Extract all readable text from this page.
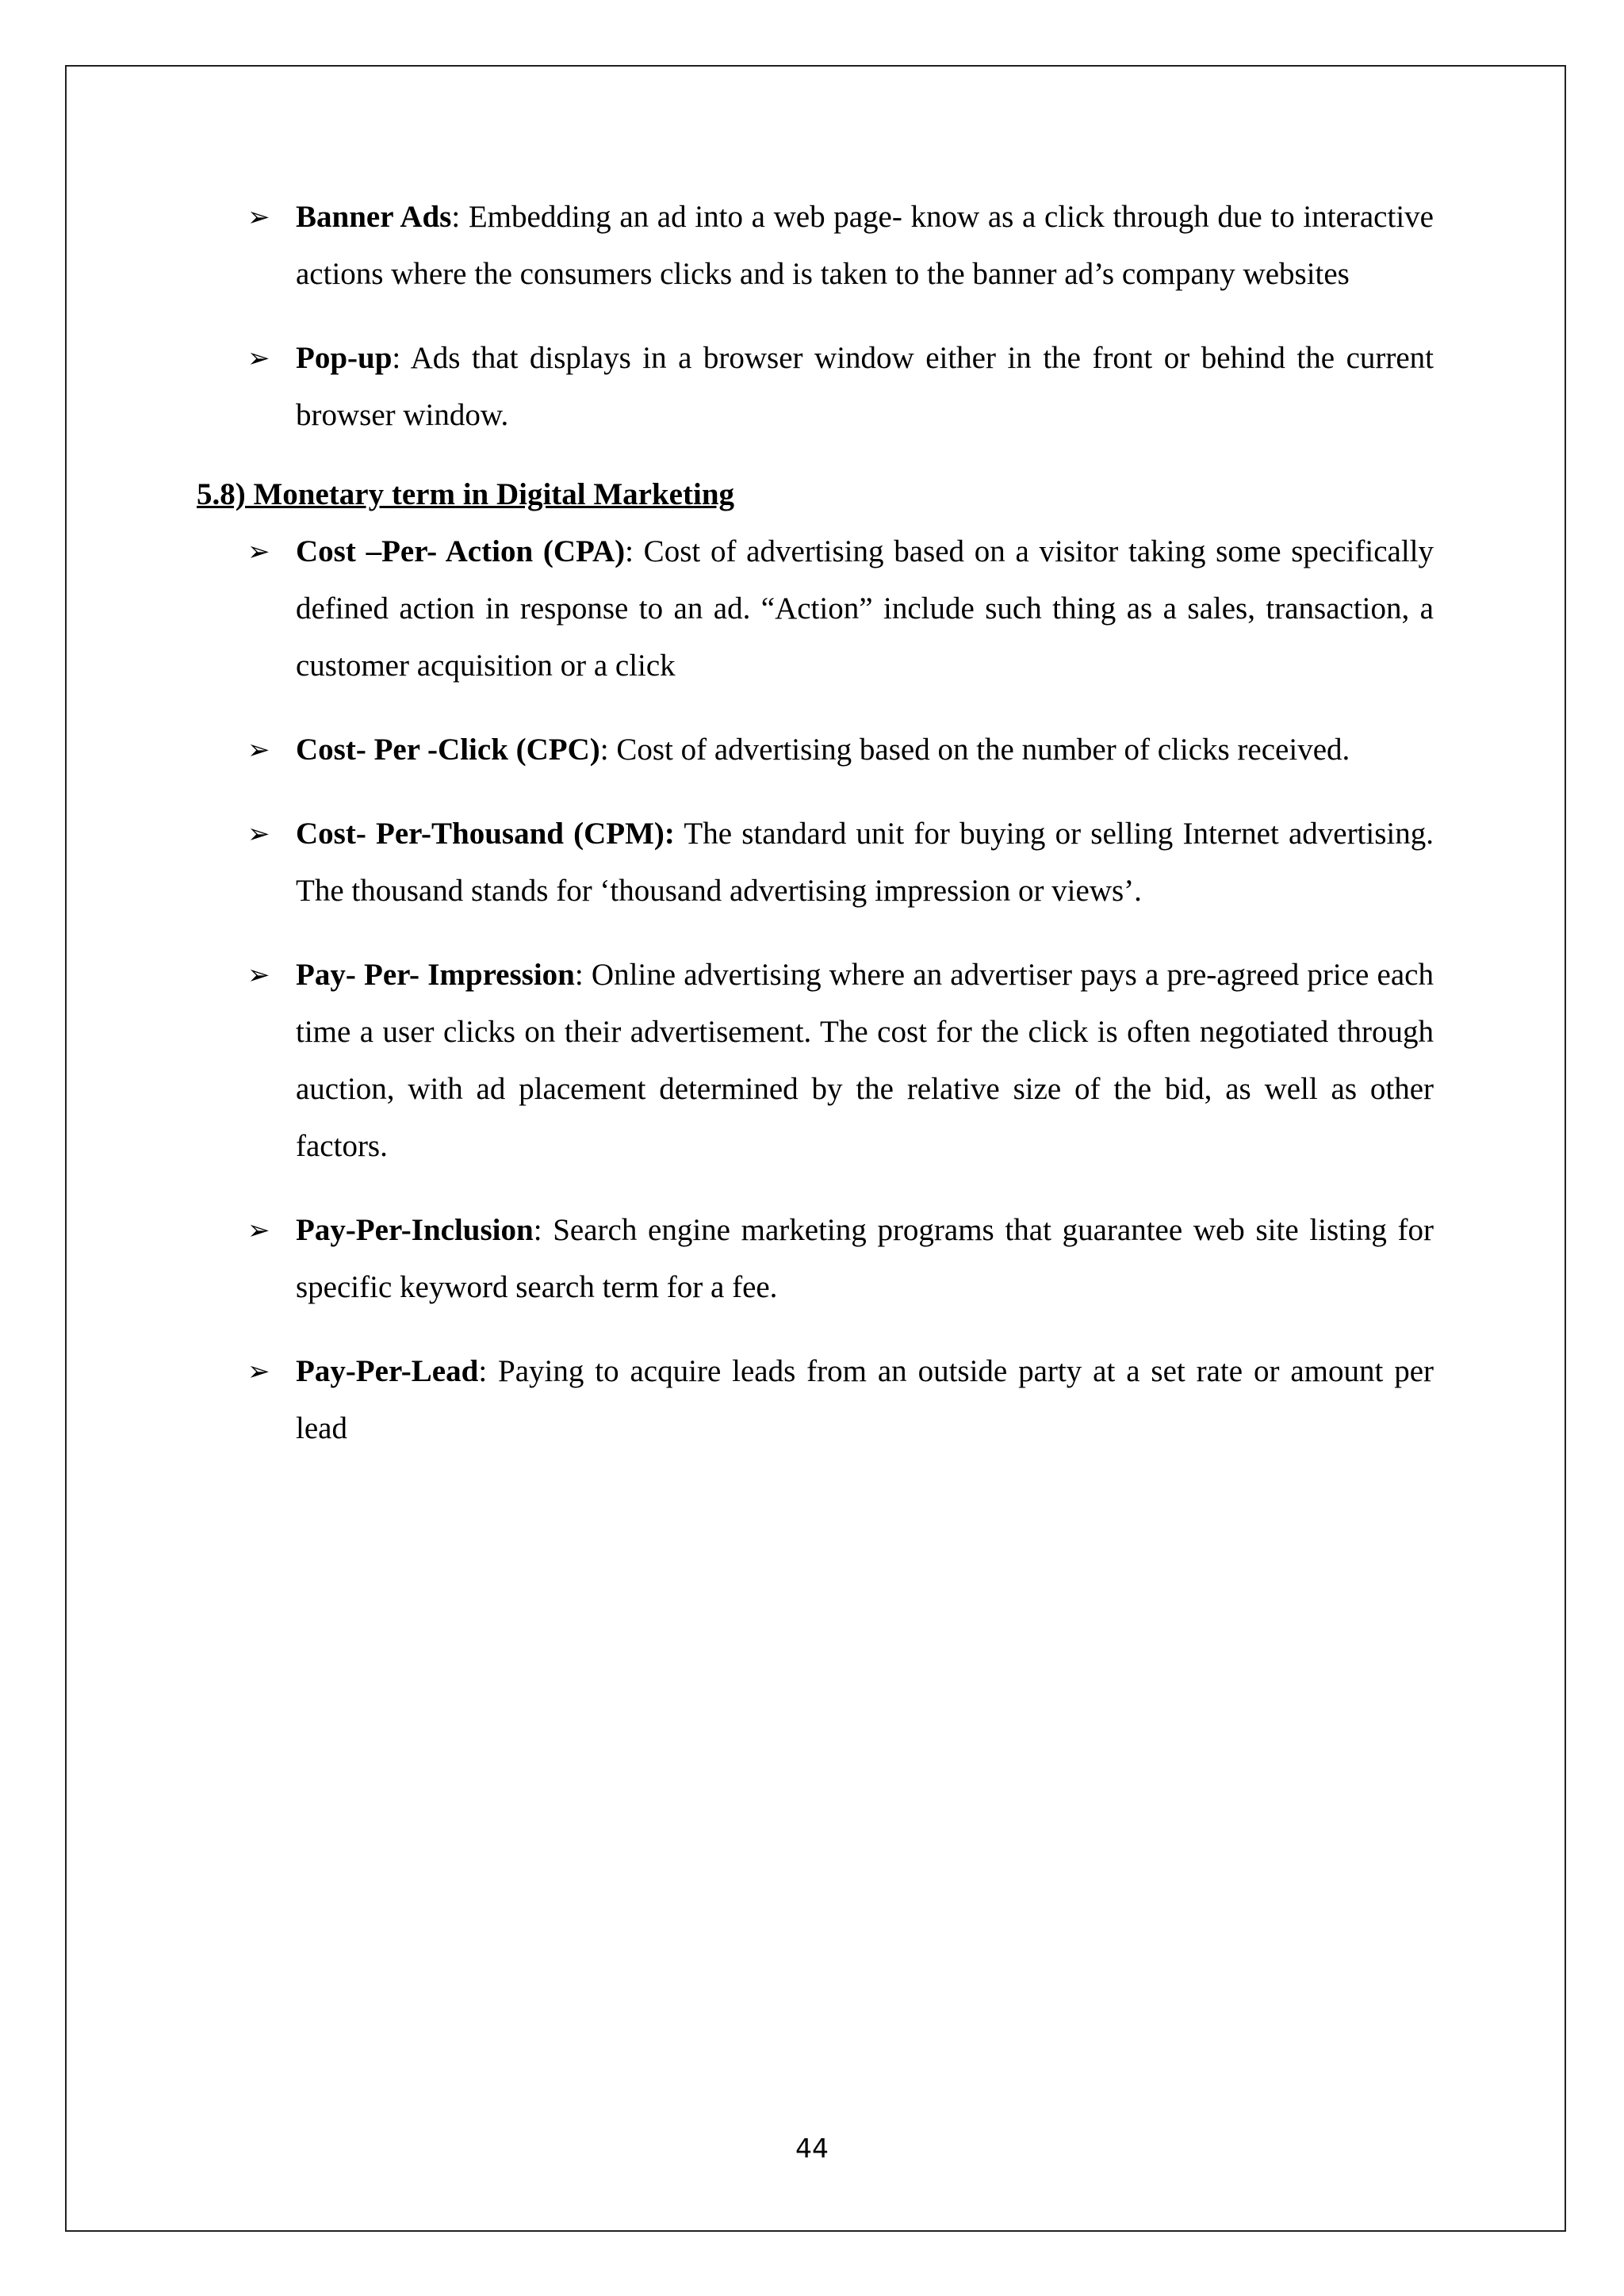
➢ Banner Ads: Embedding an ad into a web page- know as a click through due to interactive actions where the consumers clicks and is taken to the banner ad’s company websites

➢ Pop-up: Ads that displays in a browser window either in the front or behind the current browser window.

5.8) Monetary term in Digital Marketing
➢ Cost –Per- Action (CPA): Cost of advertising based on a visitor taking some specifically defined action in response to an ad. “Action” include such thing as a sales, transaction, a customer acquisition or a click

➢ Cost- Per -Click (CPC): Cost of advertising based on the number of clicks received.

➢ Cost- Per-Thousand (CPM): The standard unit for buying or selling Internet advertising. The thousand stands for ‘thousand advertising impression or views’.

➢ Pay- Per- Impression: Online advertising where an advertiser pays a pre-agreed price each time a user clicks on their advertisement. The cost for the click is often negotiated through auction, with ad placement determined by the relative size of the bid, as well as other factors.

➢ Pay-Per-Inclusion: Search engine marketing programs that guarantee web site listing for specific keyword search term for a fee.

➢ Pay-Per-Lead: Paying to acquire leads from an outside party at a set rate or amount per lead

44
